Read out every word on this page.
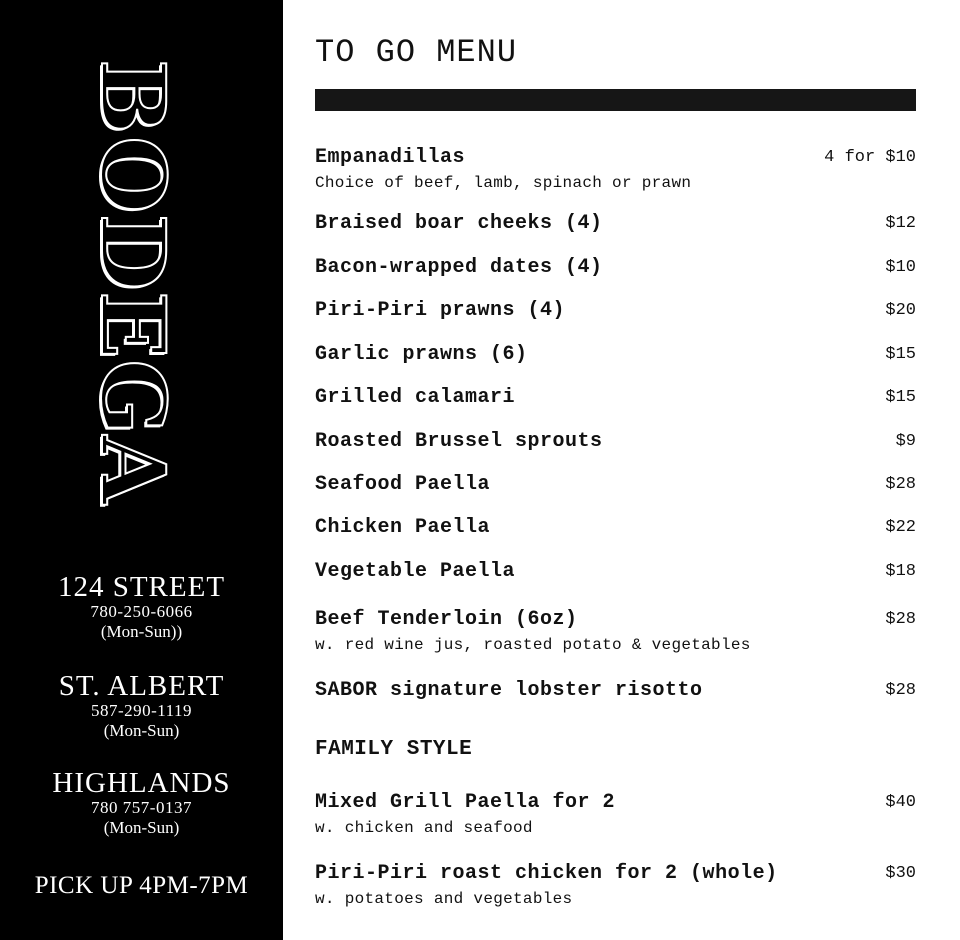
BODEGA
124 STREET
780-250-6066
(Mon-Sun))
ST. ALBERT
587-290-1119
(Mon-Sun)
HIGHLANDS
780 757-0137
(Mon-Sun)
PICK UP 4PM-7PM
TO GO MENU
Empanadillas	4 for $10
Choice of beef, lamb, spinach or prawn
Braised boar cheeks (4)	$12
Bacon-wrapped dates (4)	$10
Piri-Piri prawns (4)	$20
Garlic prawns (6)	$15
Grilled calamari	$15
Roasted Brussel sprouts	$9
Seafood Paella	$28
Chicken Paella	$22
Vegetable Paella	$18
Beef Tenderloin (6oz)	$28
w. red wine jus, roasted potato & vegetables
SABOR signature lobster risotto	$28
FAMILY STYLE
Mixed Grill Paella for 2	$40
w. chicken and seafood
Piri-Piri roast chicken for 2 (whole)	$30
w. potatoes and vegetables
